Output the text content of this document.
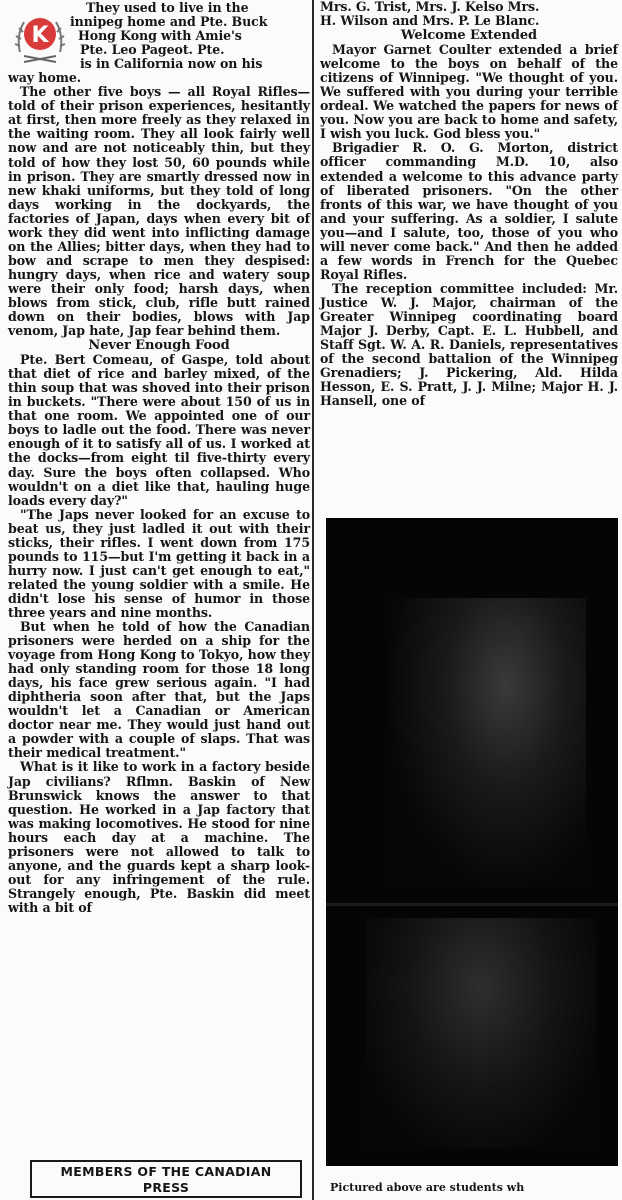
They used to live in the

innipeg home and Pte. Buck

Hong Kong with Amie's

Pte. Leo Pageot. Pte.

is in California now on his

way home.

The other five boys — all Royal Rifles—told of their prison experiences, hesitantly at first, then more freely as they relaxed in the waiting room. They all look fairly well now and are not noticeably thin, but they told of how they lost 50, 60 pounds while in prison. They are smartly dressed now in new khaki uniforms, but they told of long days working in the dockyards, the factories of Japan, days when every bit of work they did went into inflicting damage on the Allies; bitter days, when they had to bow and scrape to men they despised: hungry days, when rice and watery soup were their only food; harsh days, when blows from stick, club, rifle butt rained down on their bodies, blows with Jap venom, Jap hate, Jap fear behind them.

Never Enough Food

Pte. Bert Comeau, of Gaspe, told about that diet of rice and barley mixed, of the thin soup that was shoved into their prison in buckets. "There were about 150 of us in that one room. We appointed one of our boys to ladle out the food. There was never enough of it to satisfy all of us. I worked at the docks—from eight til five-thirty every day. Sure the boys often collapsed. Who wouldn't on a diet like that, hauling huge loads every day?"

"The Japs never looked for an excuse to beat us, they just ladled it out with their sticks, their rifles. I went down from 175 pounds to 115—but I'm getting it back in a hurry now. I just can't get enough to eat," related the young soldier with a smile. He didn't lose his sense of humor in those three years and nine months.

But when he told of how the Canadian prisoners were herded on a ship for the voyage from Hong Kong to Tokyo, how they had only standing room for those 18 long days, his face grew serious again. "I had diphtheria soon after that, but the Japs wouldn't let a Canadian or American doctor near me. They would just hand out a powder with a couple of slaps. That was their medical treatment."

What is it like to work in a factory beside Jap civilians? Rflmn. Baskin of New Brunswick knows the answer to that question. He worked in a Jap factory that was making locomotives. He stood for nine hours each day at a machine. The prisoners were not allowed to talk to anyone, and the guards kept a sharp look-out for any infringement of the rule. Strangely enough, Pte. Baskin did meet with a bit of

Mrs. G. Trist, Mrs. J. Kelso Mrs.

H. Wilson and Mrs. P. Le Blanc.

Welcome Extended

Mayor Garnet Coulter extended a brief welcome to the boys on behalf of the citizens of Winnipeg. "We thought of you. We suffered with you during your terrible ordeal. We watched the papers for news of you. Now you are back to home and safety, I wish you luck. God bless you."

Brigadier R. O. G. Morton, district officer commanding M.D. 10, also extended a welcome to this advance party of liberated prisoners. "On the other fronts of this war, we have thought of you and your suffering. As a soldier, I salute you—and I salute, too, those of you who will never come back." And then he added a few words in French for the Quebec Royal Rifles.

The reception committee included: Mr. Justice W. J. Major, chairman of the Greater Winnipeg coordinating board Major J. Derby, Capt. E. L. Hubbell, and Staff Sgt. W. A. R. Daniels, representatives of the second battalion of the Winnipeg Grenadiers; J. Pickering, Ald. Hilda Hesson, E. S. Pratt, J. J. Milne; Major H. J. Hansell, one of

Pictured above are students wh
MEMBERS OF THE CANADIAN
PRESS
K
